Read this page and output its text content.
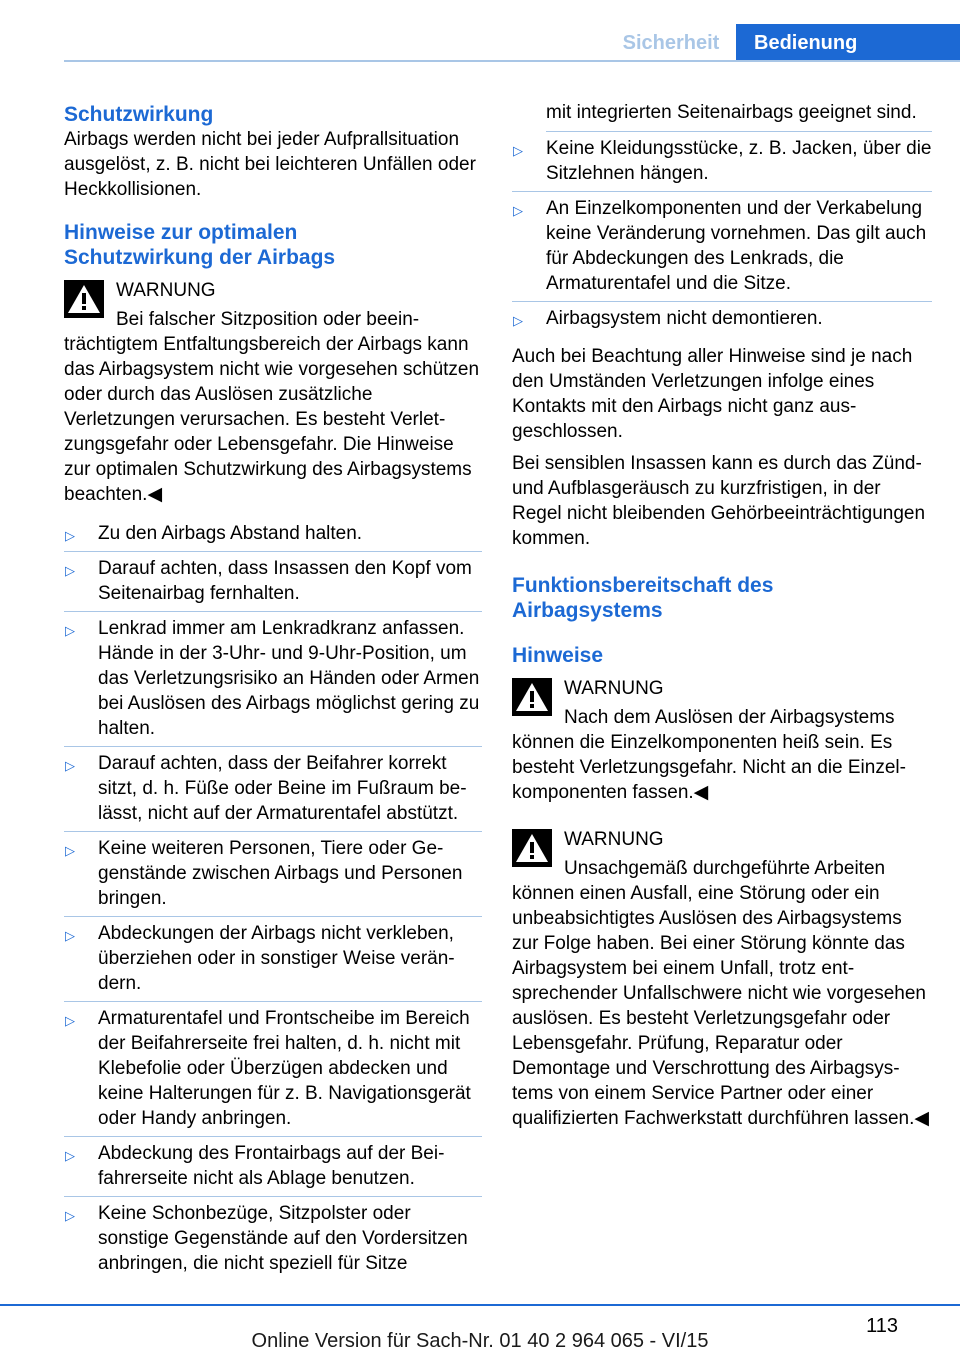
Sicherheit	Bedienung
Schutzwirkung

Airbags werden nicht bei jeder Aufprallsituation ausgelöst, z. B. nicht bei leichteren Unfällen oder Heckkollisionen.

Hinweise zur optimalen
Schutzwirkung der Airbags
WARNUNG
Bei falscher Sitzposition oder beein-
trächtigtem Entfaltungsbereich der Airbags kann das Airbagsystem nicht wie vorgesehen schützen oder durch das Auslösen zusätzliche Verletzungen verursachen. Es besteht Verletzungsgefahr oder Lebensgefahr. Die Hinweise zur optimalen Schutzwirkung des Airbagsystems beachten.◀
▷ Zu den Airbags Abstand halten.
▷ Darauf achten, dass Insassen den Kopf vom Seitenairbag fernhalten.
▷ Lenkrad immer am Lenkradkranz anfassen. Hände in der 3-Uhr- und 9-Uhr-Position, um das Verletzungsrisiko an Händen oder Armen bei Auslösen des Airbags möglichst gering zu halten.
▷ Darauf achten, dass der Beifahrer korrekt sitzt, d. h. Füße oder Beine im Fußraum belässt, nicht auf der Armaturentafel abstützt.
▷ Keine weiteren Personen, Tiere oder Gegenstände zwischen Airbags und Personen bringen.
▷ Abdeckungen der Airbags nicht verkleben, überziehen oder in sonstiger Weise verändern.
▷ Armaturentafel und Frontscheibe im Bereich der Beifahrerseite frei halten, d. h. nicht mit Klebefolie oder Überzügen abdecken und keine Halterungen für z. B. Navigationsgerät oder Handy anbringen.
▷ Abdeckung des Frontairbags auf der Beifahrerseite nicht als Ablage benutzen.
▷ Keine Schonbezüge, Sitzpolster oder sonstige Gegenstände auf den Vordersitzen anbringen, die nicht speziell für Sitze
mit integrierten Seitenairbags geeignet sind.
▷ Keine Kleidungsstücke, z. B. Jacken, über die Sitzlehnen hängen.
▷ An Einzelkomponenten und der Verkabelung keine Veränderung vornehmen. Das gilt auch für Abdeckungen des Lenkrads, die Armaturentafel und die Sitze.
▷ Airbagsystem nicht demontieren.

Auch bei Beachtung aller Hinweise sind je nach den Umständen Verletzungen infolge eines Kontakts mit den Airbags nicht ganz ausgeschlossen.

Bei sensiblen Insassen kann es durch das Zünd- und Aufblasgeräusch zu kurzfristigen, in der Regel nicht bleibenden Gehörbeeinträchtigungen kommen.

Funktionsbereitschaft des
Airbagsystems
Hinweise
WARNUNG
Nach dem Auslösen der Airbagsystems
können die Einzelkomponenten heiß sein. Es besteht Verletzungsgefahr. Nicht an die Einzelkomponenten fassen.◀
WARNUNG
Unsachgemäß durchgeführte Arbeiten
können einen Ausfall, eine Störung oder ein unbeabsichtigtes Auslösen des Airbagsystems zur Folge haben. Bei einer Störung könnte das Airbagsystem bei einem Unfall, trotz entsprechender Unfallschwere nicht wie vorgesehen auslösen. Es besteht Verletzungsgefahr oder Lebensgefahr. Prüfung, Reparatur oder Demontage und Verschrottung des Airbagsystems von einem Service Partner oder einer qualifizierten Fachwerkstatt durchführen lassen.◀
113
Online Version für Sach-Nr. 01 40 2 964 065 - VI/15
